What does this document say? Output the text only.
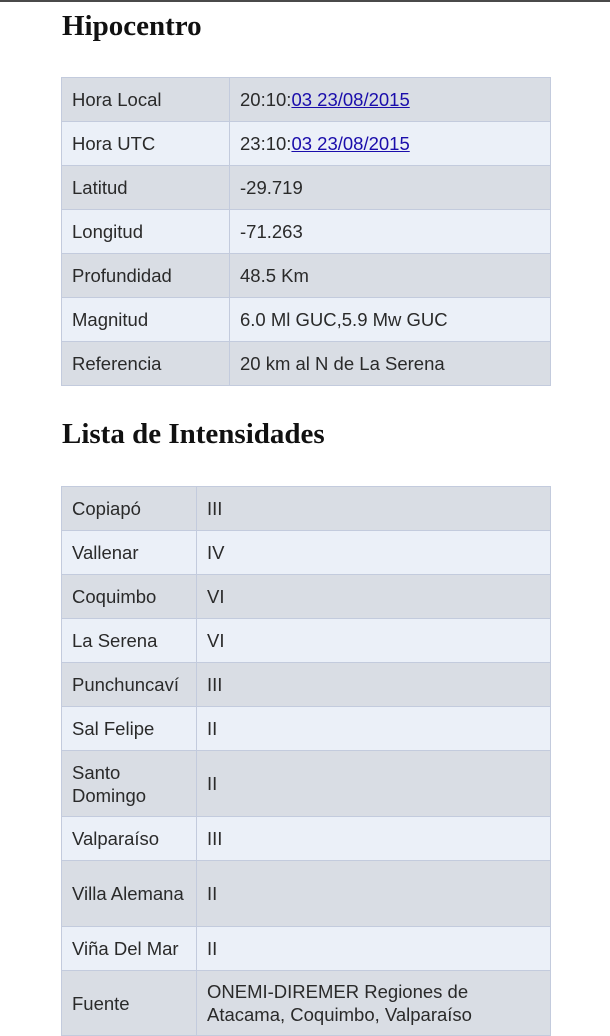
Hipocentro
Hora Local	20:10:03 23/08/2015
Hora UTC	23:10:03 23/08/2015
Latitud	-29.719
Longitud	-71.263
Profundidad	48.5 Km
Magnitud	6.0 Ml GUC,5.9 Mw GUC
Referencia	20 km al N de La Serena
Lista de Intensidades
Copiapó	III
Vallenar	IV
Coquimbo	VI
La Serena	VI
Punchuncaví	III
Sal Felipe	II
Santo Domingo	II
Valparaíso	III
Villa Alemana	II
Viña Del Mar	II
Fuente	ONEMI-DIREMER Regiones de Atacama, Coquimbo, Valparaíso
